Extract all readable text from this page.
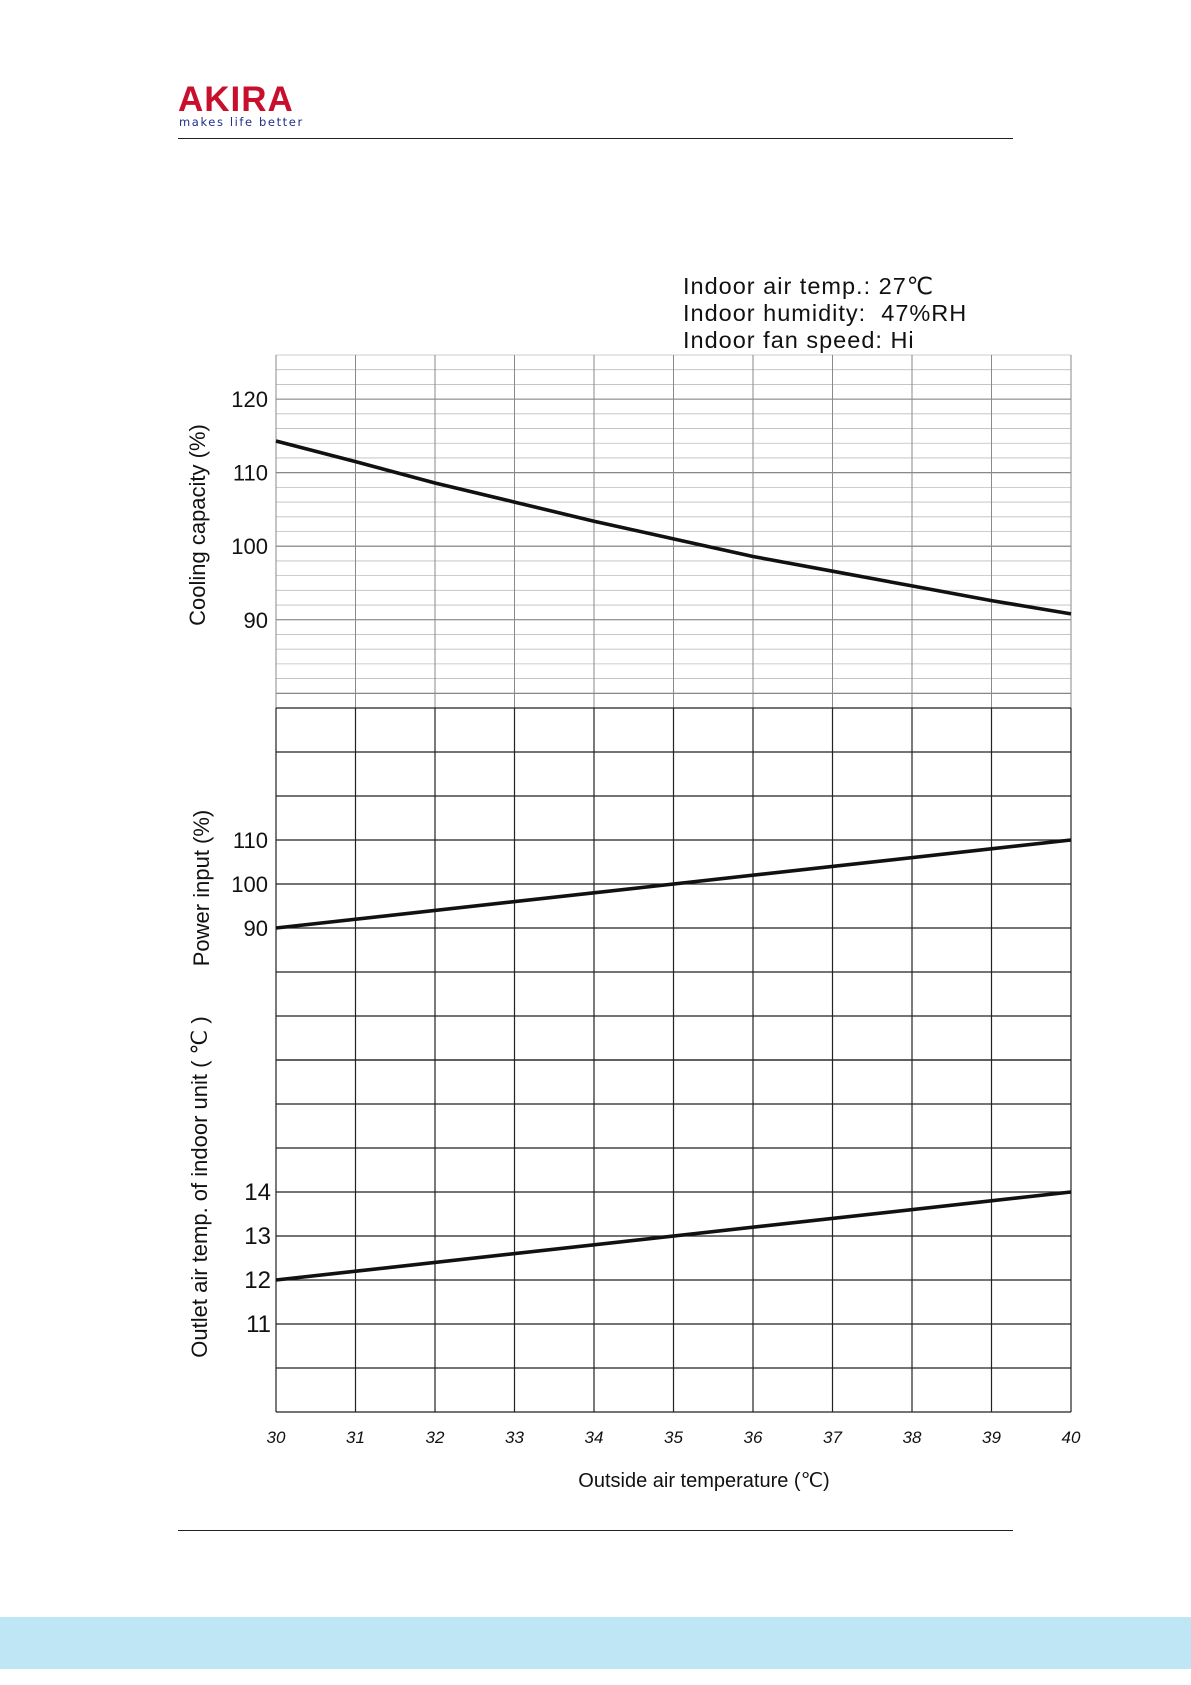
AKIRA
makes life better
Indoor air temp.: 27℃
Indoor humidity:  47%RH
Indoor fan speed: Hi
90
100
110
120
90
100
110
11
12
13
14
30	31	32	33	34	35	36	37	38	39	40
Cooling capacity (%)
Power input (%)
Outlet air temp. of indoor unit ( ℃ )
Outside air temperature (℃)
